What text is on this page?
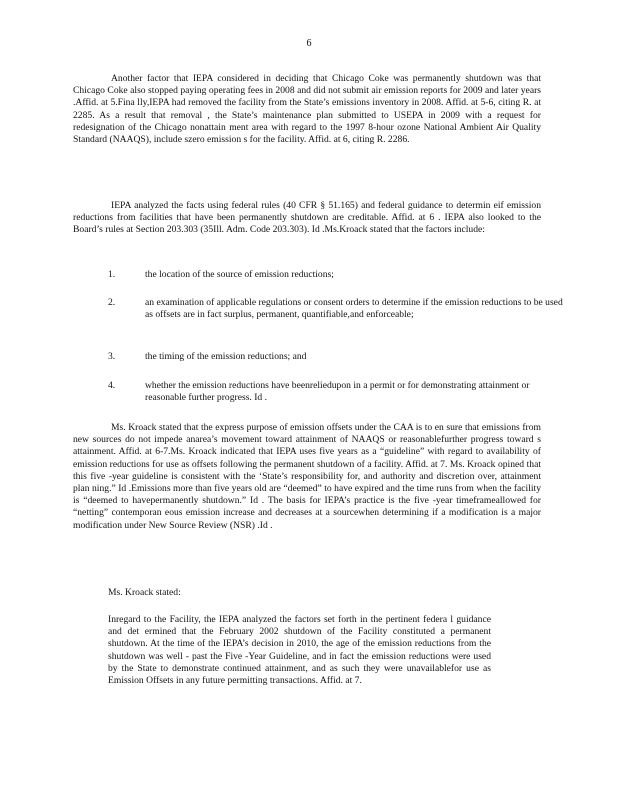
6

Another factor that IEPA considered in deciding that Chicago Coke was permanently shutdown was that Chicago Coke also stopped paying operating fees in 2008 and did not submit air emission reports for 2009 and later years .Affid. at 5.Fina lly,IEPA had removed the facility from the State’s emissions inventory in 2008. Affid. at 5-6, citing R. at 2285. As a result that removal , the State’s maintenance plan submitted to USEPA in 2009 with a request for redesignation of the Chicago nonattain ment area with regard to the 1997 8-hour ozone National Ambient Air Quality Standard (NAAQS), include szero emission s for the facility. Affid. at 6, citing R. 2286.

IEPA analyzed the facts using federal rules (40 CFR § 51.165) and federal guidance to determin eif emission reductions from facilities that have been permanently shutdown are creditable. Affid. at 6 . IEPA also looked to the Board’s rules at Section 203.303 (35Ill. Adm. Code 203.303). Id .Ms.Kroack stated that the factors include:

1.	the location of the source of emission reductions;
2.	an examination of applicable regulations or consent orders to determine if the emission reductions to be used as offsets are in fact surplus, permanent, quantifiable,and enforceable;
3.	the timing of the emission reductions; and
4.	whether the emission reductions have beenreliedupon in a permit or for demonstrating attainment or reasonable further progress. Id .

Ms. Kroack stated that the express purpose of emission offsets under the CAA is to en sure that emissions from new sources do not impede anarea’s movement toward attainment of NAAQS or reasonablefurther progress toward s attainment. Affid. at 6-7.Ms. Kroack indicated that IEPA uses five years as a “guideline” with regard to availability of emission reductions for use as offsets following the permanent shutdown of a facility. Affid. at 7. Ms. Kroack opined that this five -year guideline is consistent with the ‘State’s responsibility for, and authority and discretion over, attainment plan ning.” Id .Emissions more than five years old are “deemed” to have expired and the time runs from when the facility is “deemed to havepermanently shutdown.” Id . The basis for IEPA’s practice is the five -year timeframeallowed for “netting” contemporan eous emission increase and decreases at a sourcewhen determining if a modification is a major modification under New Source Review (NSR) .Id .

Ms. Kroack stated:

Inregard to the Facility, the IEPA analyzed the factors set forth in the pertinent federa l guidance and det ermined that the February 2002 shutdown of the Facility constituted a permanent shutdown. At the time of the IEPA’s decision in 2010, the age of the emission reductions from the shutdown was well - past the Five -Year Guideline, and in fact the emission reductions were used by the State to demonstrate continued attainment, and as such they were unavailablefor use as Emission Offsets in any future permitting transactions. Affid. at 7.
